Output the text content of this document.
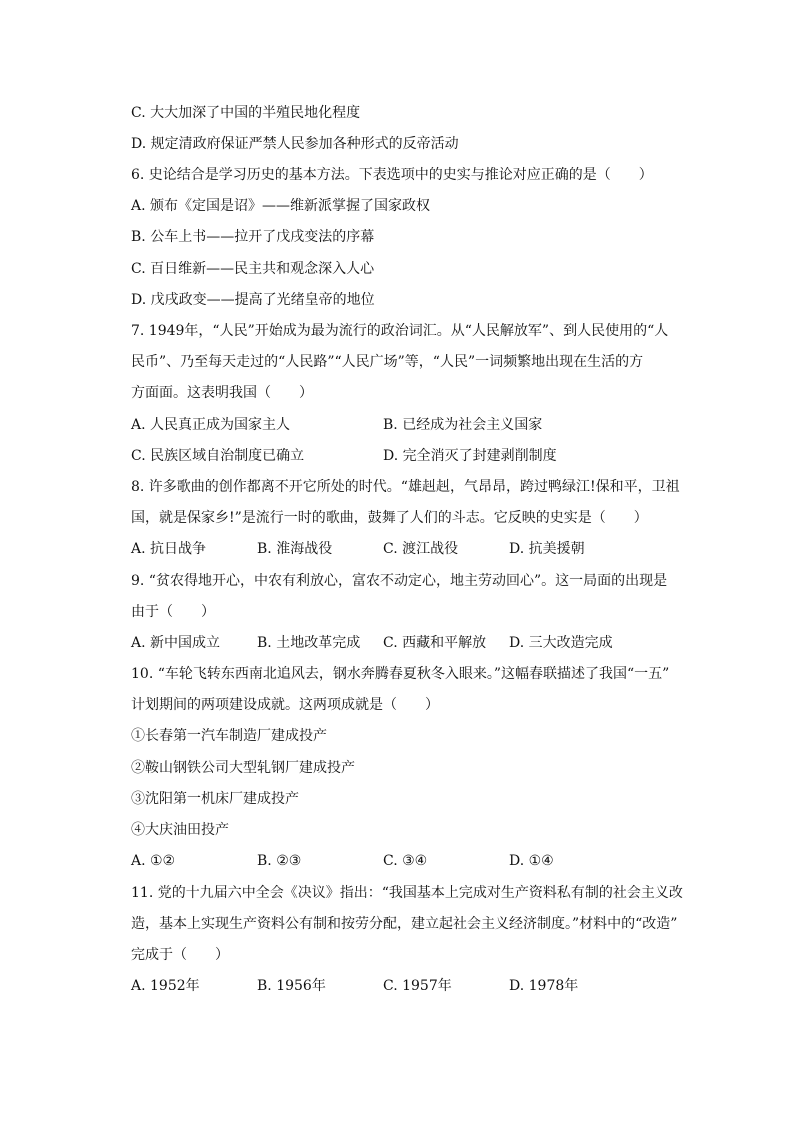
C. 大大加深了中国的半殖民地化程度
D. 规定清政府保证严禁人民参加各种形式的反帝活动
6. 史论结合是学习历史的基本方法。下表选项中的史实与推论对应正确的是（　　）
A. 颁布《定国是诏》——维新派掌握了国家政权
B. 公车上书——拉开了戊戌变法的序幕
C. 百日维新——民主共和观念深入人心
D. 戊戌政变——提高了光绪皇帝的地位
7. 1949年，“人民”开始成为最为流行的政治词汇。从“人民解放军”、到人民使用的“人
民币”、乃至每天走过的“人民路”“人民广场”等，“人民”一词频繁地出现在生活的方
方面面。这表明我国（　　）
A. 人民真正成为国家主人	B. 已经成为社会主义国家
C. 民族区域自治制度已确立	D. 完全消灭了封建剥削制度
8. 许多歌曲的创作都离不开它所处的时代。“雄赳赳，气昂昂，跨过鸭绿江!保和平，卫祖
国，就是保家乡!”是流行一时的歌曲，鼓舞了人们的斗志。它反映的史实是（　　）
A. 抗日战争	B. 淮海战役	C. 渡江战役	D. 抗美援朝
9. “贫农得地开心，中农有利放心，富农不动定心，地主劳动回心”。这一局面的出现是
由于（　　）
A. 新中国成立	B. 土地改革完成 C. 西藏和平解放 D. 三大改造完成
10. “车轮飞转东西南北追风去，钢水奔腾春夏秋冬入眼来。”这幅春联描述了我国“一五”
计划期间的两项建设成就。这两项成就是（　　）
①长春第一汽车制造厂建成投产
②鞍山钢铁公司大型轧钢厂建成投产
③沈阳第一机床厂建成投产
④大庆油田投产
A. ①②	B. ②③	C. ③④	D. ①④
11. 党的十九届六中全会《决议》指出：“我国基本上完成对生产资料私有制的社会主义改
造，基本上实现生产资料公有制和按劳分配，建立起社会主义经济制度。”材料中的“改造”
完成于（　　）
A. 1952年	B. 1956年	C. 1957年	D. 1978年
